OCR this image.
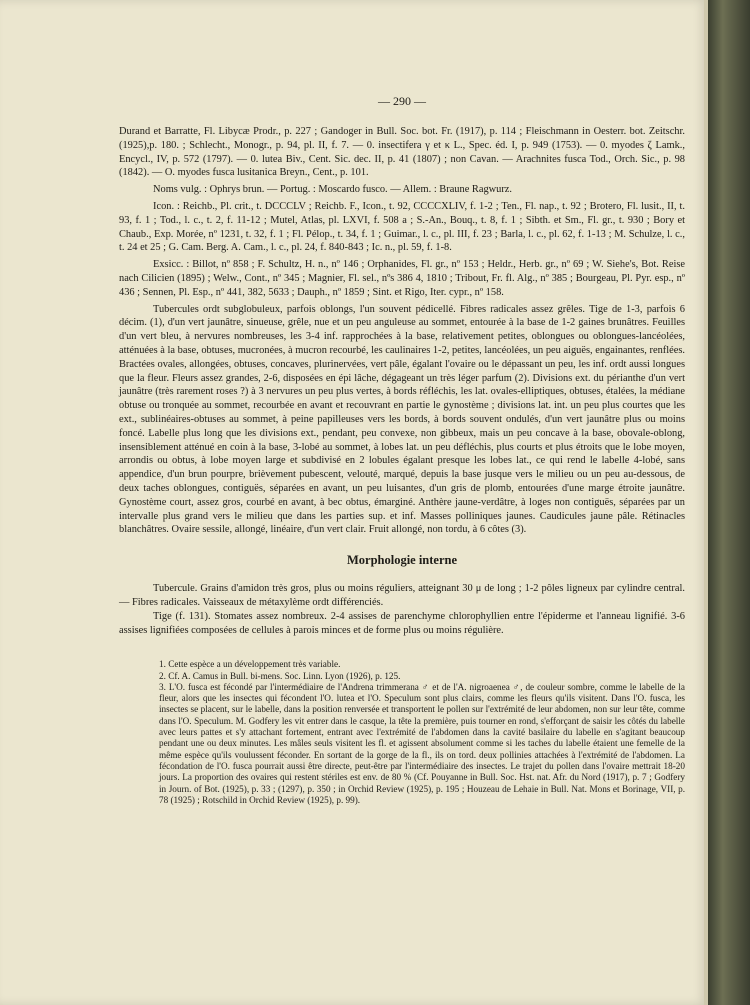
— 290 —

Durand et Barratte, Fl. Libycæ Prodr., p. 227 ; Gandoger in Bull. Soc. bot. Fr. (1917), p. 114 ; Fleischmann in Oesterr. bot. Zeitschr. (1925),p. 180. ; Schlecht., Monogr., p. 94, pl. II, f. 7. — 0. insectifera γ et κ L., Spec. éd. I, p. 949 (1753). — 0. myodes ζ Lamk., Encycl., IV, p. 572 (1797). — 0. lutea Biv., Cent. Sic. dec. II, p. 41 (1807) ; non Cavan. — Arachnites fusca Tod., Orch. Sic., p. 98 (1842). — O. myodes fusca lusitanica Breyn., Cent., p. 101.

Noms vulg. : Ophrys brun. — Portug. : Moscardo fusco. — Allem. : Braune Ragwurz.

Icon. : Reichb., Pl. crit., t. DCCCLV ; Reichb. F., Icon., t. 92, CCCCXLIV, f. 1-2 ; Ten., Fl. nap., t. 92 ; Brotero, Fl. lusit., II, t. 93, f. 1 ; Tod., l. c., t. 2, f. 11-12 ; Mutel, Atlas, pl. LXVI, f. 508 a ; S.-An., Bouq., t. 8, f. 1 ; Sibth. et Sm., Fl. gr., t. 930 ; Bory et Chaub., Exp. Morée, nº 1231, t. 32, f. 1 ; Fl. Pélop., t. 34, f. 1 ; Guimar., l. c., pl. III, f. 23 ; Barla, l. c., pl. 62, f. 1-13 ; M. Schulze, l. c., t. 24 et 25 ; G. Cam. Berg. A. Cam., l. c., pl. 24, f. 840-843 ; Ic. n., pl. 59, f. 1-8.

Exsicc. : Billot, nº 858 ; F. Schultz, H. n., nº 146 ; Orphanides, Fl. gr., nº 153 ; Heldr., Herb. gr., nº 69 ; W. Siehe's, Bot. Reise nach Cilicien (1895) ; Welw., Cont., nº 345 ; Magnier, Fl. sel., nºs 386 4, 1810 ; Tribout, Fr. fl. Alg., nº 385 ; Bourgeau, Pl. Pyr. esp., nº 436 ; Sennen, Pl. Esp., nº 441, 382, 5633 ; Dauph., nº 1859 ; Sint. et Rigo, Iter. cypr., nº 158.

Tubercules ordt subglobuleux, parfois oblongs, l'un souvent pédicellé. Fibres radicales assez grêles. Tige de 1-3, parfois 6 décim. (1), d'un vert jaunâtre, sinueuse, grêle, nue et un peu anguleuse au sommet, entourée à la base de 1-2 gaines brunâtres. Feuilles d'un vert bleu, à nervures nombreuses, les 3-4 inf. rapprochées à la base, relativement petites, oblongues ou oblongues-lancéolées, atténuées à la base, obtuses, mucronées, à mucron recourbé, les caulinaires 1-2, petites, lancéolées, un peu aiguës, engainantes, renflées. Bractées ovales, allongées, obtuses, concaves, plurinervées, vert pâle, égalant l'ovaire ou le dépassant un peu, les inf. ordt aussi longues que la fleur. Fleurs assez grandes, 2-6, disposées en épi lâche, dégageant un très léger parfum (2). Divisions ext. du périanthe d'un vert jaunâtre (très rarement roses ?) à 3 nervures un peu plus vertes, à bords réfléchis, les lat. ovales-elliptiques, obtuses, étalées, la médiane obtuse ou tronquée au sommet, recourbée en avant et recouvrant en partie le gynostème ; divisions lat. int. un peu plus courtes que les ext., sublinéaires-obtuses au sommet, à peine papilleuses vers les bords, à bords souvent ondulés, d'un vert jaunâtre plus ou moins foncé. Labelle plus long que les divisions ext., pendant, peu convexe, non gibbeux, mais un peu concave à la base, obovale-oblong, insensiblement atténué en coin à la base, 3-lobé au sommet, à lobes lat. un peu défléchis, plus courts et plus étroits que le lobe moyen, arrondis ou obtus, à lobe moyen large et subdivisé en 2 lobules égalant presque les lobes lat., ce qui rend le labelle 4-lobé, sans appendice, d'un brun pourpre, brièvement pubescent, velouté, marqué, depuis la base jusque vers le milieu ou un peu au-dessous, de deux taches oblongues, contiguës, séparées en avant, un peu luisantes, d'un gris de plomb, entourées d'une marge étroite jaunâtre. Gynostème court, assez gros, courbé en avant, à bec obtus, émarginé. Anthère jaune-verdâtre, à loges non contiguës, séparées par un intervalle plus grand vers le milieu que dans les parties sup. et inf. Masses polliniques jaunes. Caudicules jaune pâle. Rétinacles blanchâtres. Ovaire sessile, allongé, linéaire, d'un vert clair. Fruit allongé, non tordu, à 6 côtes (3).

Morphologie interne

Tubercule. Grains d'amidon très gros, plus ou moins réguliers, atteignant 30 μ de long ; 1-2 pôles ligneux par cylindre central. — Fibres radicales. Vaisseaux de métaxylème ordt différenciés.

Tige (f. 131). Stomates assez nombreux. 2-4 assises de parenchyme chlorophyllien entre l'épiderme et l'anneau lignifié. 3-6 assises lignifiées composées de cellules à parois minces et de forme plus ou moins régulière.

1. Cette espèce a un développement très variable.

2. Cf. A. Camus in Bull. bi-mens. Soc. Linn. Lyon (1926), p. 125.

3. L'O. fusca est fécondé par l'intermédiaire de l'Andrena trimmerana ♂ et de l'A. nigroaenea ♂, de couleur sombre, comme le labelle de la fleur, alors que les insectes qui fécondent l'O. lutea et l'O. Speculum sont plus clairs, comme les fleurs qu'ils visitent. Dans l'O. fusca, les insectes se placent, sur le labelle, dans la position renversée et transportent le pollen sur l'extrémité de leur abdomen, non sur leur tête, comme dans l'O. Speculum. M. Godfery les vit entrer dans le casque, la tête la première, puis tourner en rond, s'efforçant de saisir les côtés du labelle avec leurs pattes et s'y attachant fortement, entrant avec l'extrémité de l'abdomen dans la cavité basilaire du labelle en s'agitant beaucoup pendant une ou deux minutes. Les mâles seuls visitent les fl. et agissent absolument comme si les taches du labelle étaient une femelle de la même espèce qu'ils voulussent féconder. En sortant de la gorge de la fl., ils on tord. deux pollinies attachées à l'extrémité de l'abdomen. La fécondation de l'O. fusca pourrait aussi être directe, peut-être par l'intermédiaire des insectes. Le trajet du pollen dans l'ovaire mettrait 18-20 jours. La proportion des ovaires qui restent stériles est env. de 80 % (Cf. Pouyanne in Bull. Soc. Hst. nat. Afr. du Nord (1917), p. 7 ; Godfery in Journ. of Bot. (1925), p. 33 ; (1297), p. 350 ; in Orchid Review (1925), p. 195 ; Houzeau de Lehaie in Bull. Nat. Mons et Borinage, VII, p. 78 (1925) ; Rotschild in Orchid Review (1925), p. 99).
